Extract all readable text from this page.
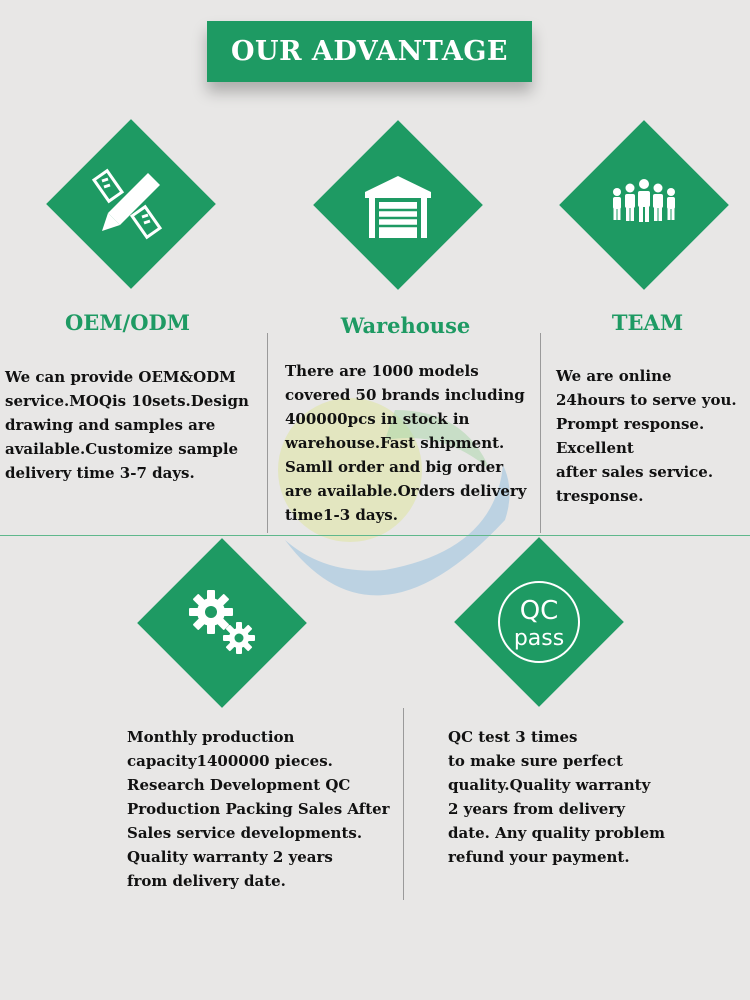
OUR ADVANTAGE
OEM/ODM
We can provide OEM&ODM
service.MOQis 10sets.Design
drawing and samples are
available.Customize sample
delivery time 3-7 days.
Warehouse
There are 1000 models
covered 50 brands including
400000pcs in stock in
warehouse.Fast shipment.
Samll order and big order
are available.Orders delivery
time1-3 days.
TEAM
We are online
24hours to serve you.
Prompt response.
Excellent
after sales service.
tresponse.
Monthly production
capacity1400000 pieces.
Research Development QC
Production Packing Sales After
Sales service developments.
Quality warranty 2 years
from delivery date.
QC
pass
QC test 3 times
to make sure perfect
quality.Quality warranty
2 years from delivery
date. Any quality problem
refund your payment.
